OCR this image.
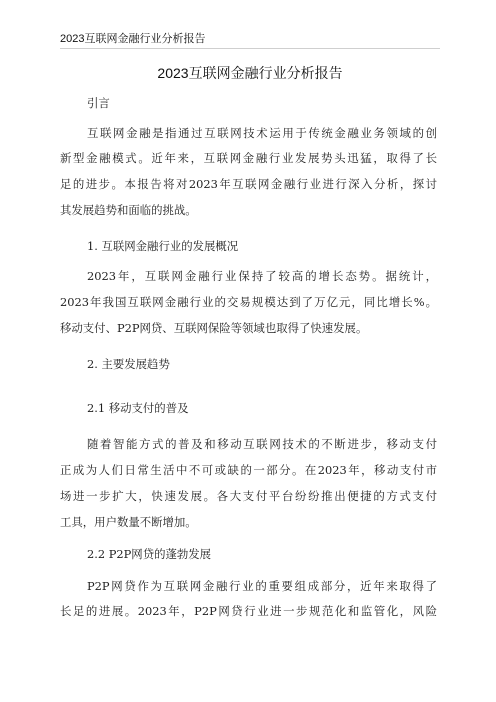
2023互联网金融行业分析报告
2023互联网金融行业分析报告
引言
互联网金融是指通过互联网技术运用于传统金融业务领域的创
新型金融模式。近年来，互联网金融行业发展势头迅猛，取得了长
足的进步。本报告将对2023年互联网金融行业进行深入分析，探讨
其发展趋势和面临的挑战。
1. 互联网金融行业的发展概况
2023年，互联网金融行业保持了较高的增长态势。据统计，
2023年我国互联网金融行业的交易规模达到了万亿元，同比增长%。
移动支付、P2P网贷、互联网保险等领域也取得了快速发展。
2. 主要发展趋势
2.1 移动支付的普及
随着智能方式的普及和移动互联网技术的不断进步，移动支付
正成为人们日常生活中不可或缺的一部分。在2023年，移动支付市
场进一步扩大，快速发展。各大支付平台纷纷推出便捷的方式支付
工具，用户数量不断增加。
2.2 P2P网贷的蓬勃发展
P2P网贷作为互联网金融行业的重要组成部分，近年来取得了
长足的进展。2023年，P2P网贷行业进一步规范化和监管化，风险
